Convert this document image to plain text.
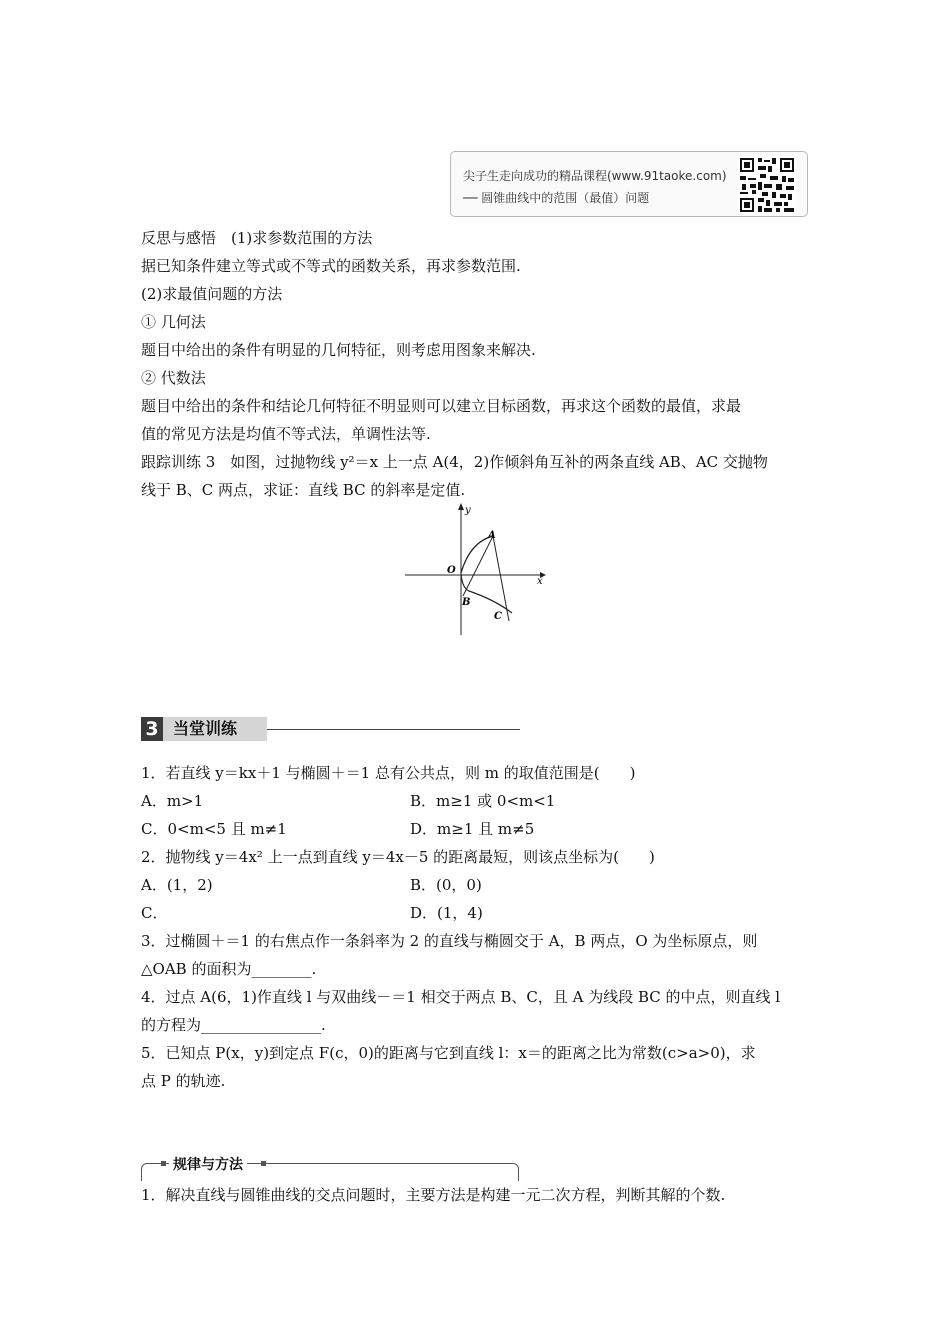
尖子生走向成功的精品课程(www.91taoke.com)
── 圆锥曲线中的范围（最值）问题
反思与感悟　(1)求参数范围的方法
据已知条件建立等式或不等式的函数关系，再求参数范围.
(2)求最值问题的方法
① 几何法
题目中给出的条件有明显的几何特征，则考虑用图象来解决.
② 代数法
题目中给出的条件和结论几何特征不明显则可以建立目标函数，再求这个函数的最值，求最
值的常见方法是均值不等式法，单调性法等.
跟踪训练 3　如图，过抛物线 y²＝x 上一点 A(4，2)作倾斜角互补的两条直线 AB、AC 交抛物
线于 B、C 两点，求证：直线 BC 的斜率是定值.
y
x
O
A
B
C
3 当堂训练
1．若直线 y＝kx＋1 与椭圆＋＝1 总有公共点，则 m 的取值范围是(　　)
A．m>1	B．m≥1 或 0<m<1
C．0<m<5 且 m≠1	D．m≥1 且 m≠5
2．抛物线 y＝4x² 上一点到直线 y＝4x－5 的距离最短，则该点坐标为(　　)
A．(1，2)	B．(0，0)
C．	D．(1，4)
3．过椭圆＋＝1 的右焦点作一条斜率为 2 的直线与椭圆交于 A，B 两点，O 为坐标原点，则
△OAB 的面积为________.
4．过点 A(6，1)作直线 l 与双曲线－＝1 相交于两点 B、C，且 A 为线段 BC 的中点，则直线 l
的方程为________________.
5．已知点 P(x，y)到定点 F(c，0)的距离与它到直线 l：x＝的距离之比为常数(c>a>0)，求
点 P 的轨迹.
规律与方法
1．解决直线与圆锥曲线的交点问题时，主要方法是构建一元二次方程，判断其解的个数.
